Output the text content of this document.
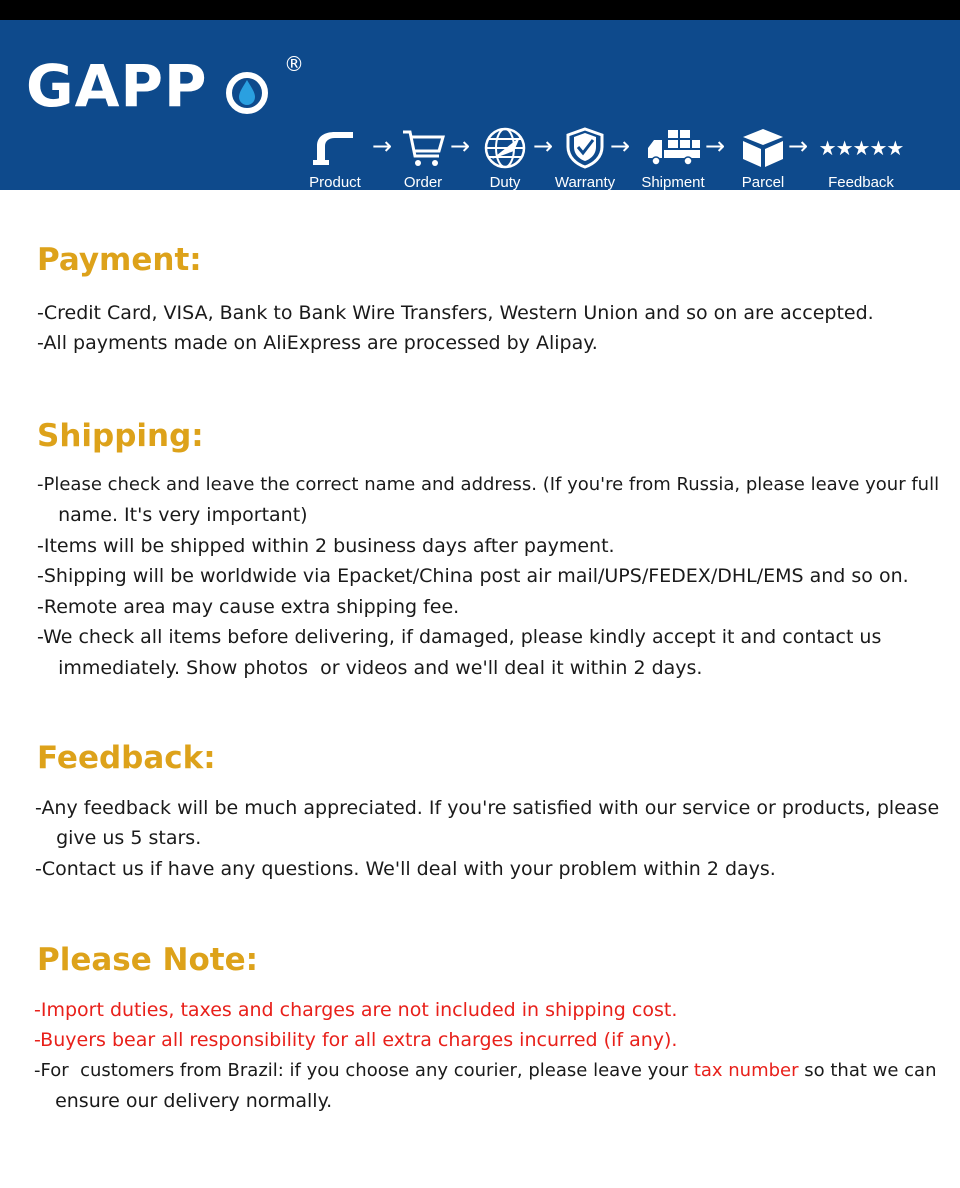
GAPP	®
Product
→
Order
→
Duty
→
Warranty
→
Shipment
→
Parcel
→ ★★★★★
Feedback
Payment:
-Credit Card, VISA, Bank to Bank Wire Transfers, Western Union and so on are accepted.
-All payments made on AliExpress are processed by Alipay.
Shipping:
-Please check and leave the correct name and address. (If you're from Russia, please leave your full
name. It's very important)
-Items will be shipped within 2 business days after payment.
-Shipping will be worldwide via Epacket/China post air mail/UPS/FEDEX/DHL/EMS and so on.
-Remote area may cause extra shipping fee.
-We check all items before delivering, if damaged, please kindly accept it and contact us
immediately. Show photos  or videos and we'll deal it within 2 days.
Feedback:
-Any feedback will be much appreciated. If you're satisfied with our service or products, please
give us 5 stars.
-Contact us if have any questions. We'll deal with your problem within 2 days.
Please Note:
-Import duties, taxes and charges are not included in shipping cost.
-Buyers bear all responsibility for all extra charges incurred (if any).
-For  customers from Brazil: if you choose any courier, please leave your tax number so that we can
ensure our delivery normally.
